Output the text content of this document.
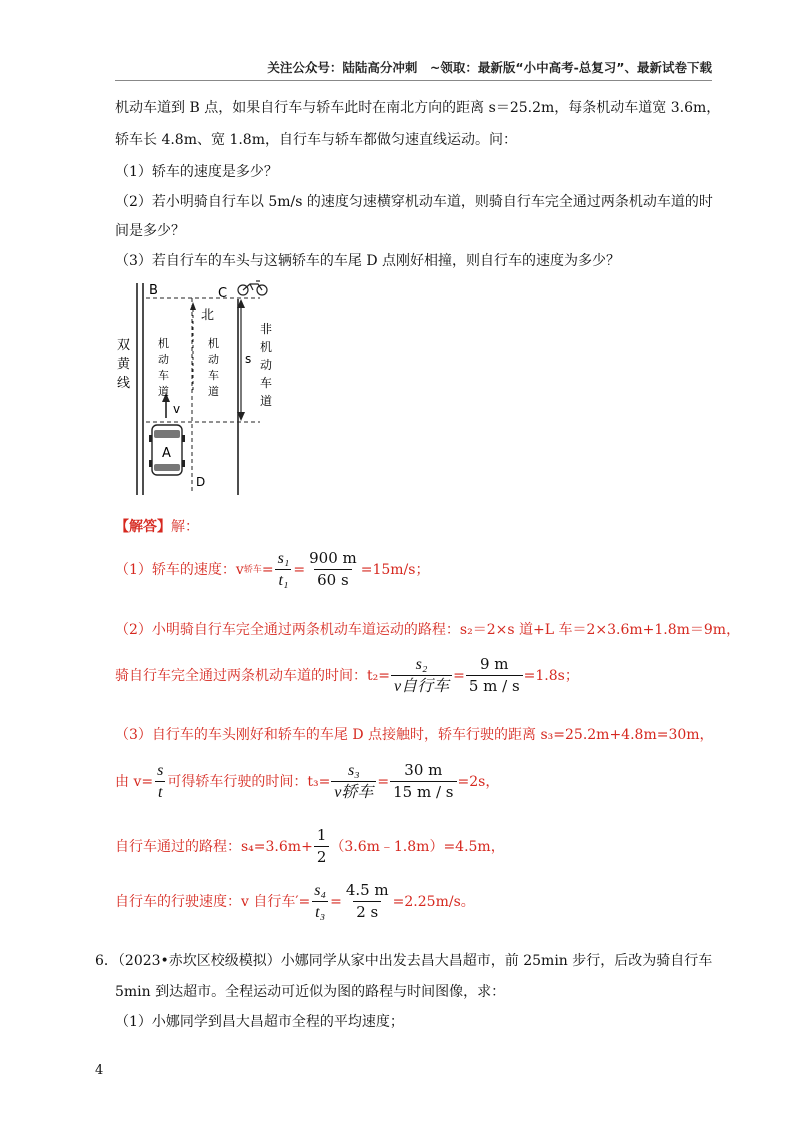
关注公众号：陆陆高分冲刺　~领取：最新版“小中高考-总复习”、最新试卷下载
机动车道到 B 点，如果自行车与轿车此时在南北方向的距离 s＝25.2m，每条机动车道宽 3.6m，
轿车长 4.8m、宽 1.8m，自行车与轿车都做匀速直线运动。问：
（1）轿车的速度是多少？
（2）若小明骑自行车以 5m/s 的速度匀速横穿机动车道，则骑自行车完全通过两条机动车道的时
间是多少？
（3）若自行车的车头与这辆轿车的车尾 D 点刚好相撞，则自行车的速度为多少？
B	C
D
北
v
s
A
双
黄
线
机
动
车
道
机
动
车
道
非
机
动
车
道
【解答】解：
（1）轿车的速度：v 轿车 = $\frac{\text{s₁}}{\text{t₁}} = \frac{900 m}{60 s} =15m/s$；
（2）小明骑自行车完全通过两条机动车道运动的路程：s₂＝2×s 道+L 车＝2×3.6m+1.8m＝9m，
骑自行车完全通过两条机动车道的时间：$t_2= \frac{\text{s₂}}{\text{v自行车}} = \frac{9 m}{5 m / s} =1.8s$；
（3）自行车的车头刚好和轿车的车尾 D 点接触时，轿车行驶的距离 s₃=25.2m+4.8m=30m，
由 $v= \frac{s}{t}$ 可得轿车行驶的时间：$t_3= \frac{\text{s₃}}{\text{v轿车}} = \frac{30 m}{15 m / s} =2s$，
自行车通过的路程：$s_4=3.6m+ \frac{1}{2}$ （3.6m﹣1.8m）=4.5m，
自行车的行驶速度：v 自行车′= $\frac{\text{s₄}}{\text{t₃}} = \frac{4.5 m}{2 s} =2.25m/s$。
6．（2023•赤坎区校级模拟）小娜同学从家中出发去昌大昌超市，前 25min 步行，后改为骑自行车
5min 到达超市。全程运动可近似为图的路程与时间图像，求：
（1）小娜同学到昌大昌超市全程的平均速度；
4
